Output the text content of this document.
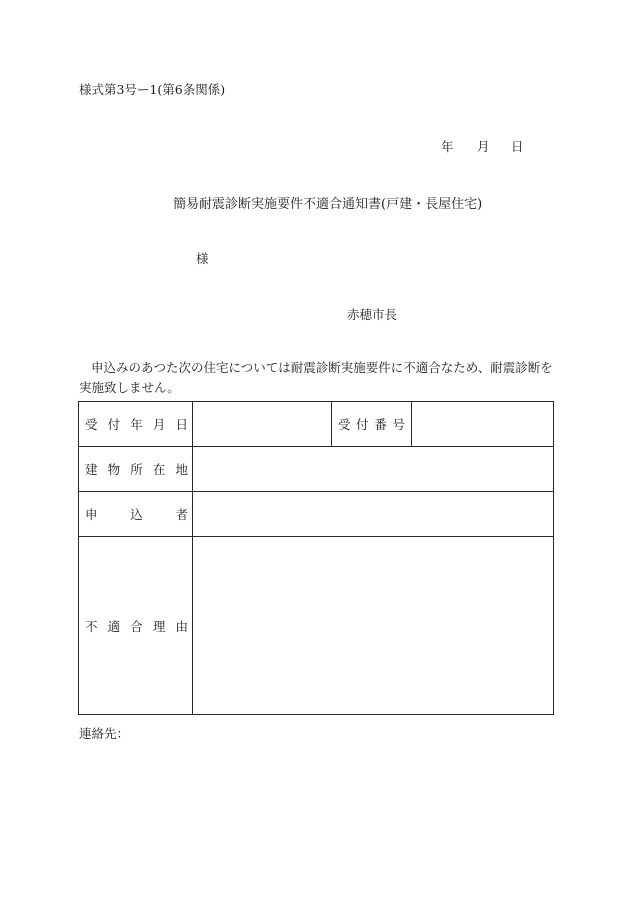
様式第3号ー1(第6条関係)
年 月 日
簡易耐震診断実施要件不適合通知書(戸建・長屋住宅)
様
赤穂市長
申込みのあつた次の住宅については耐震診断実施要件に不適合なため、耐震診断を実施致しません。
受 付 年 月 日		受 付 番 号	

建 物 所 在 地			

申 込 者			

不 適 合 理 由			

連絡先：
